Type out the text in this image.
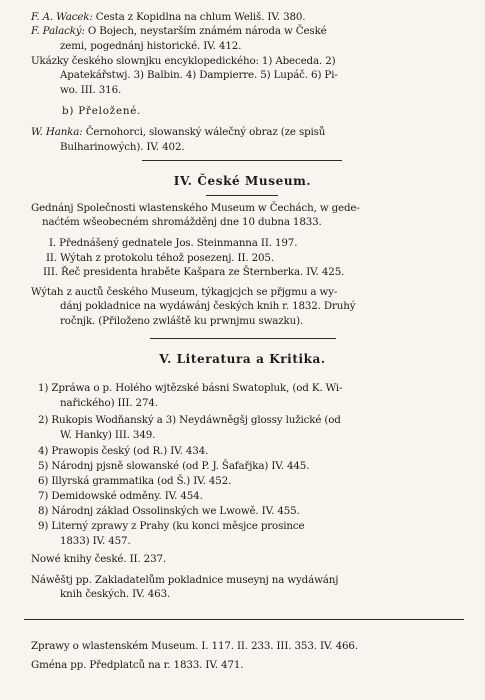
F. A. Wacek: Cesta z Kopidlna na chlum Weliš. IV. 380.
F. Palacký: O Bojech, neystarším známém národa w České
zemi, pogednánj historické. IV. 412.
Ukázky českého slownjku encyklopedického: 1) Abeceda. 2)
Apatekářstwj. 3) Balbin. 4) Dampierre. 5) Lupáč. 6) Pi-
wo. III. 316.
b) Přeložené.
W. Hanka: Černohorci, slowanský wálečný obraz (ze spisů
Bulharinowých). IV. 402.
IV. České Museum.
Gednánj Společnosti wlastenského Museum w Čechách, w gede-
naćtém wšeobecném shromážděnj dne 10 dubna 1833.
I. Přednášený gednatele Jos. Steinmanna II. 197.
II. Wýtah z protokolu téhož posezenj. II. 205.
III. Řeč presidenta hraběte Kašpara ze Šternberka. IV. 425.
Wýtah z auctů českého Museum, týkagjcjch se přjgmu a wy-
dánj pokladnice na wydáwánj českých knih r. 1832. Druhý
ročnjk. (Přiloženo zwláště ku prwnjmu swazku).
V. Literatura a Kritika.
1) Zpráwa o p. Holého wjtězské básni Swatopluk, (od K. Wi-
nařického) III. 274.
2) Rukopis Wodňanský a 3) Neydáwněgšj glossy lužické (od
W. Hanky) III. 349.
4) Prawopis český (od R.) IV. 434.
5) Národnj pjsně slowanské (od P. J. Šafařjka) IV. 445.
6) Illyrská grammatika (od Š.) IV. 452.
7) Demidowské odměny. IV. 454.
8) Národnj základ Ossolinských we Lwowě. IV. 455.
9) Literný zprawy z Prahy (ku konci měsjce prosince
1833) IV. 457.
Nowé knihy české. II. 237.
Náwěštj pp. Zakladatelům pokladnice museynj na wydáwánj
knih českých. IV. 463.
Zprawy o wlastenském Museum. I. 117. II. 233. III. 353. IV. 466.
Gména pp. Předplatců na r. 1833. IV. 471.
